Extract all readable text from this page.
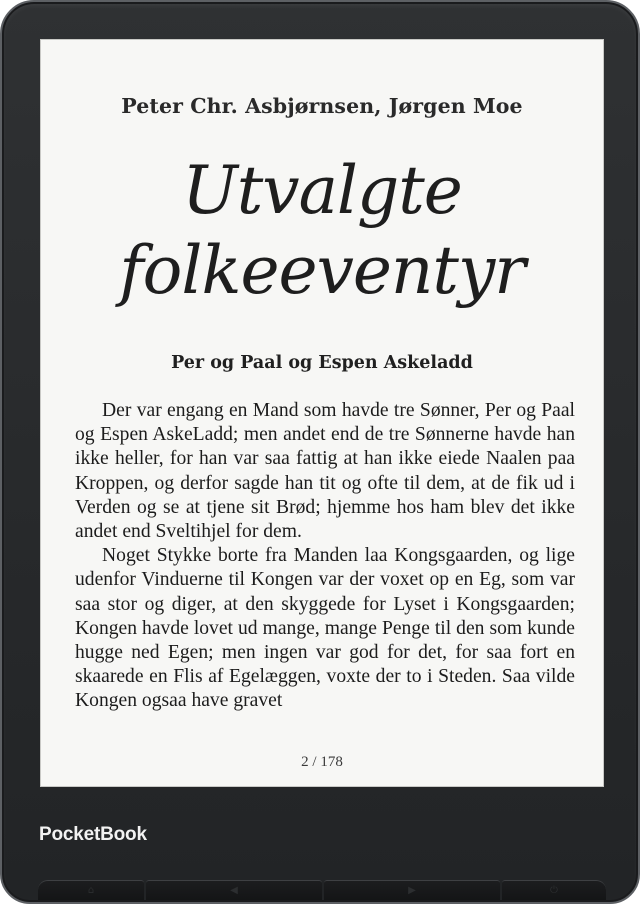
Peter Chr. Asbjørnsen, Jørgen Moe
Utvalgte
folkeeventyr
Per og Paal og Espen Askeladd

Der var engang en Mand som havde tre Sønner, Per og Paal og Espen AskeLadd; men andet end de tre Sønnerne havde han ikke heller, for han var saa fattig at han ikke eiede Naalen paa Kroppen, og derfor sagde han tit og ofte til dem, at de fik ud i Verden og se at tjene sit Brød; hjemme hos ham blev det ikke andet end Sveltihjel for dem.

Noget Stykke borte fra Manden laa Kongsgaarden, og lige udenfor Vinduerne til Kongen var der voxet op en Eg, som var saa stor og diger, at den skyggede for Lyset i Kongsgaarden; Kongen havde lovet ud mange, mange Penge til den som kunde hugge ned Egen; men ingen var god for det, for saa fort en skaarede en Flis af Egelæggen, voxte der to i Steden. Saa vilde Kongen ogsaa have gravet

2 / 178
PocketBook
⌂	◀	▶	⏻
